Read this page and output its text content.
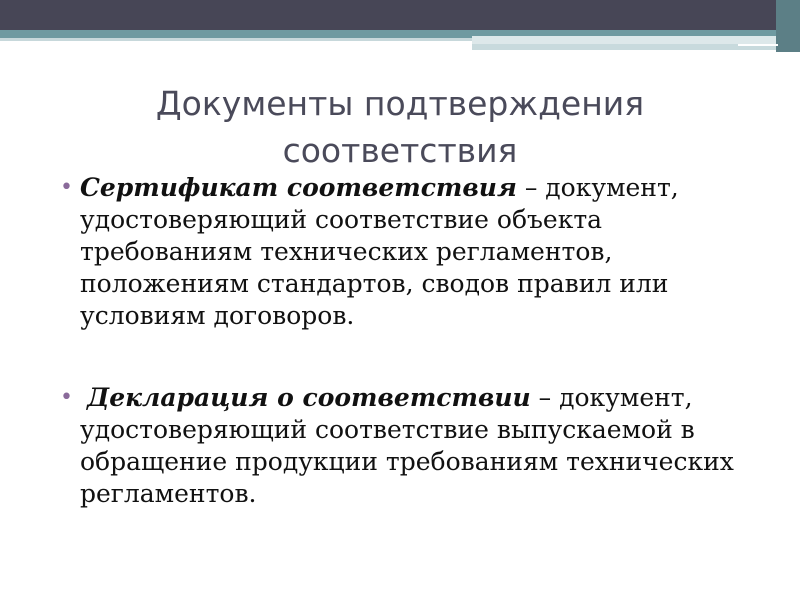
Документы подтверждения
соответствия
• Сертификат соответствия – документ, удостоверяющий соответствие объекта требованиям технических регламентов, положениям стандартов, сводов правил или условиям договоров.
• Декларация о соответствии – документ, удостоверяющий соответствие выпускаемой в обращение продукции требованиям технических регламентов.
